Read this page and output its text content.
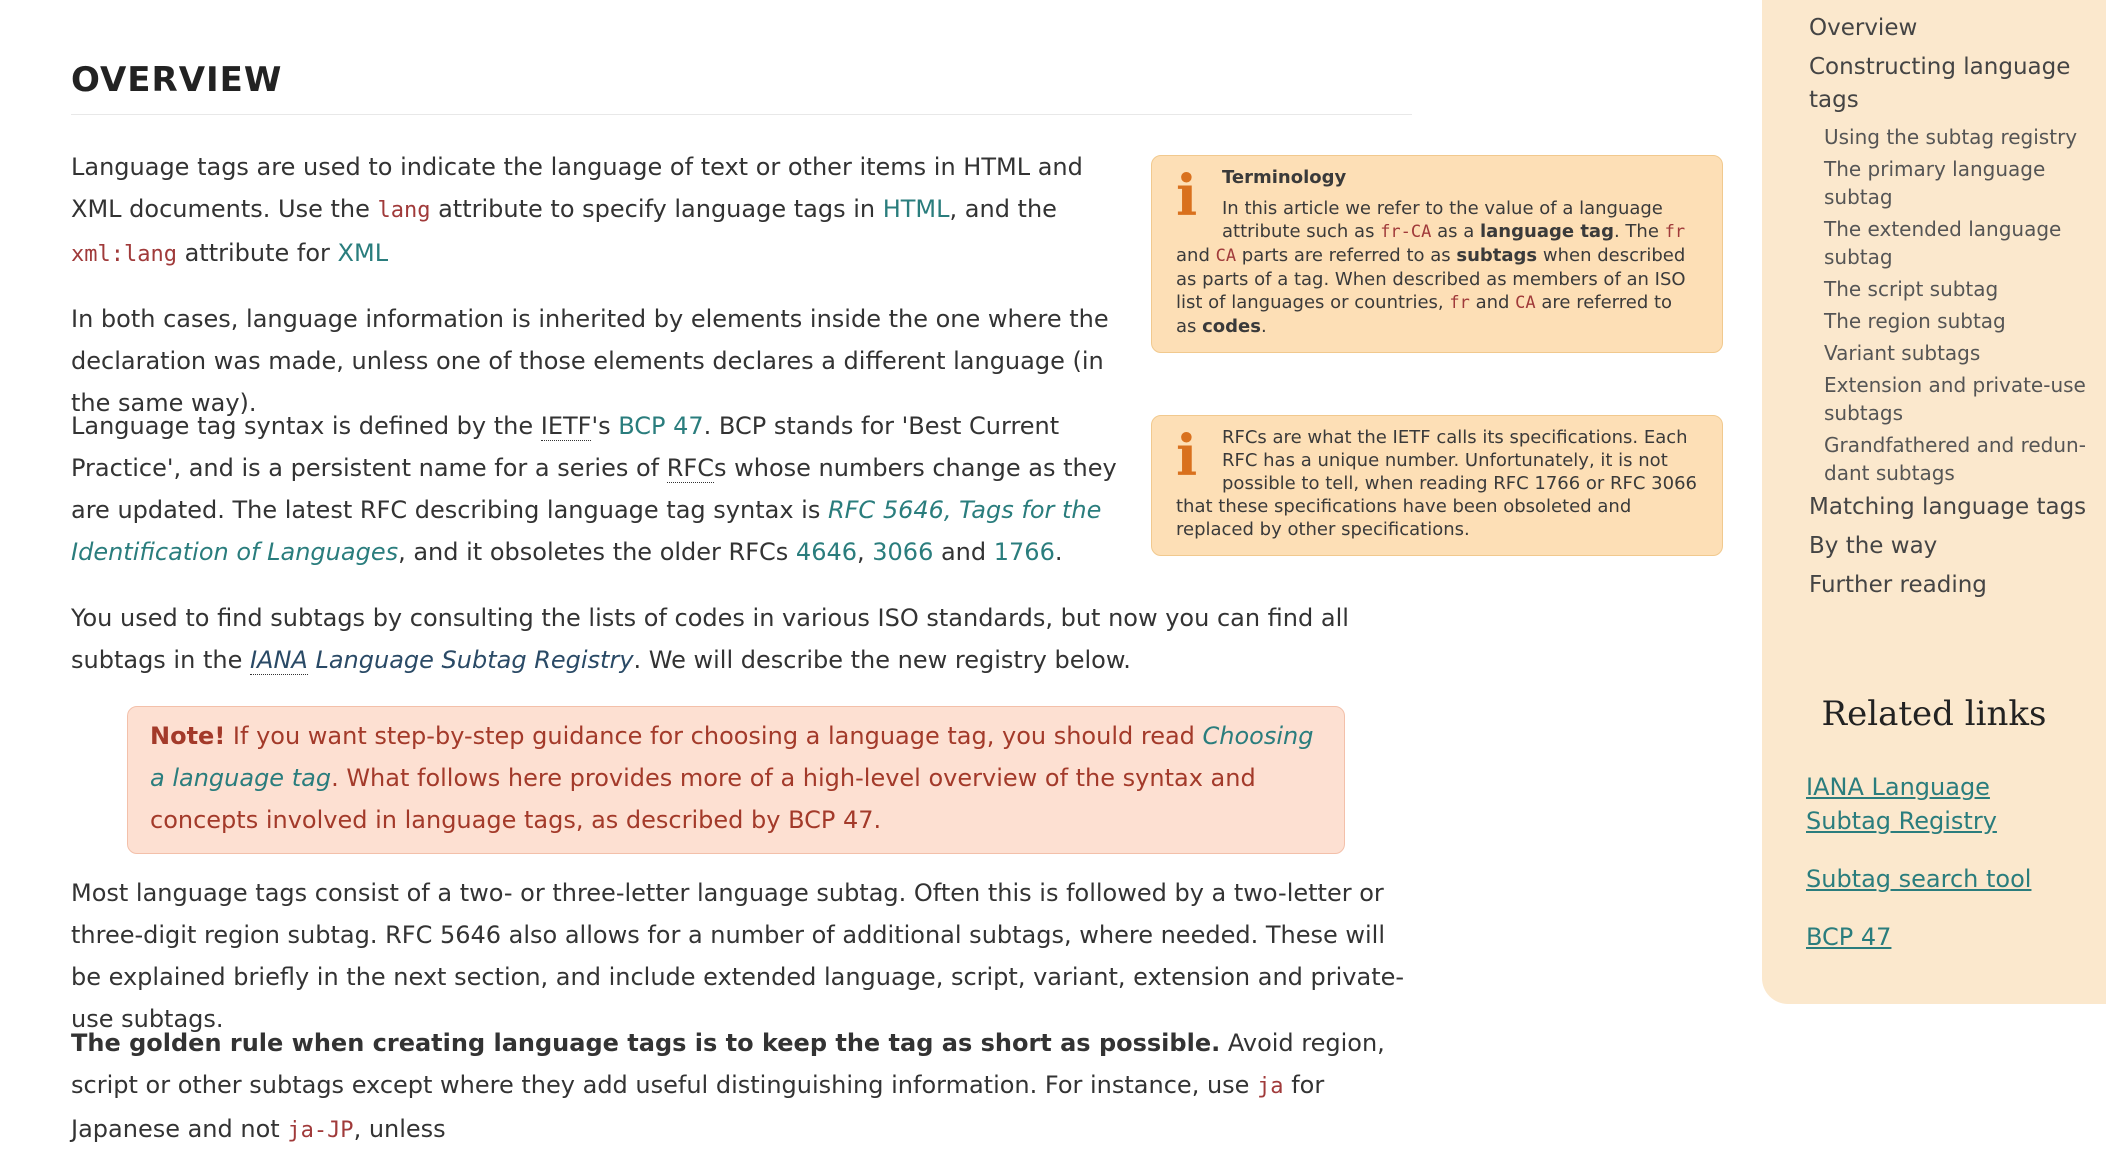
OVERVIEW

Language tags are used to indicate the language of text or other items in HTML and XML documents. Use the lang attribute to specify language tags in HTML, and the xml:lang attribute for XML

In both cases, language information is inherited by elements inside the one where the declaration was made, unless one of those elements declares a different language (in the same way).

Language tag syntax is defined by the IETF's BCP 47. BCP stands for 'Best Current Practice', and is a persistent name for a series of RFCs whose numbers change as they are updated. The latest RFC describing language tag syntax is RFC 5646, Tags for the Identification of Languages, and it obsoletes the older RFCs 4646, 3066 and 1766.

You used to find subtags by consulting the lists of codes in various ISO standards, but now you can find all subtags in the IANA Language Subtag Registry. We will describe the new registry below.

Note! If you want step-by-step guidance for choosing a language tag, you should read Choosing a language tag. What follows here provides more of a high-level overview of the syntax and concepts involved in language tags, as described by BCP 47.

Most language tags consist of a two- or three-letter language subtag. Often this is followed by a two-letter or three-digit region subtag. RFC 5646 also allows for a number of additional subtags, where needed. These will be explained briefly in the next section, and include extended language, script, variant, extension and private-use subtags.

The golden rule when creating language tags is to keep the tag as short as possible. Avoid region, script or other subtags except where they add useful distinguishing information. For instance, use ja for Japanese and not ja-JP, unless

i	Terminology
In this article we refer to the value of a language attribute such as fr-CA as a language tag. The fr and CA parts are referred to as subtags when described as parts of a tag. When described as members of an ISO list of languages or countries, fr and CA are referred to as codes.
i	RFCs are what the IETF calls its specifications. Each RFC has a unique number. Unfortunately, it is not possible to tell, when reading RFC 1766 or RFC 3066 that these specifications have been obsoleted and replaced by other specifications.
Overview
Constructing language tags
Using the subtag registry
The primary language subtag
The extended language subtag
The script subtag
The region subtag
Variant subtags
Extension and private-use subtags
Grandfathered and redundant subtags
Matching language tags
By the way
Further reading
Related links
IANA Language Subtag Registry
Subtag search tool
BCP 47
